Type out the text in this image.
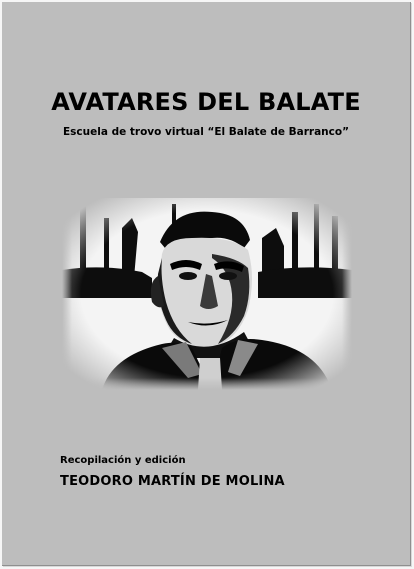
AVATARES DEL BALATE
Escuela de trovo virtual “El Balate de Barranco”
Recopilación y edición
TEODORO MARTÍN DE MOLINA
